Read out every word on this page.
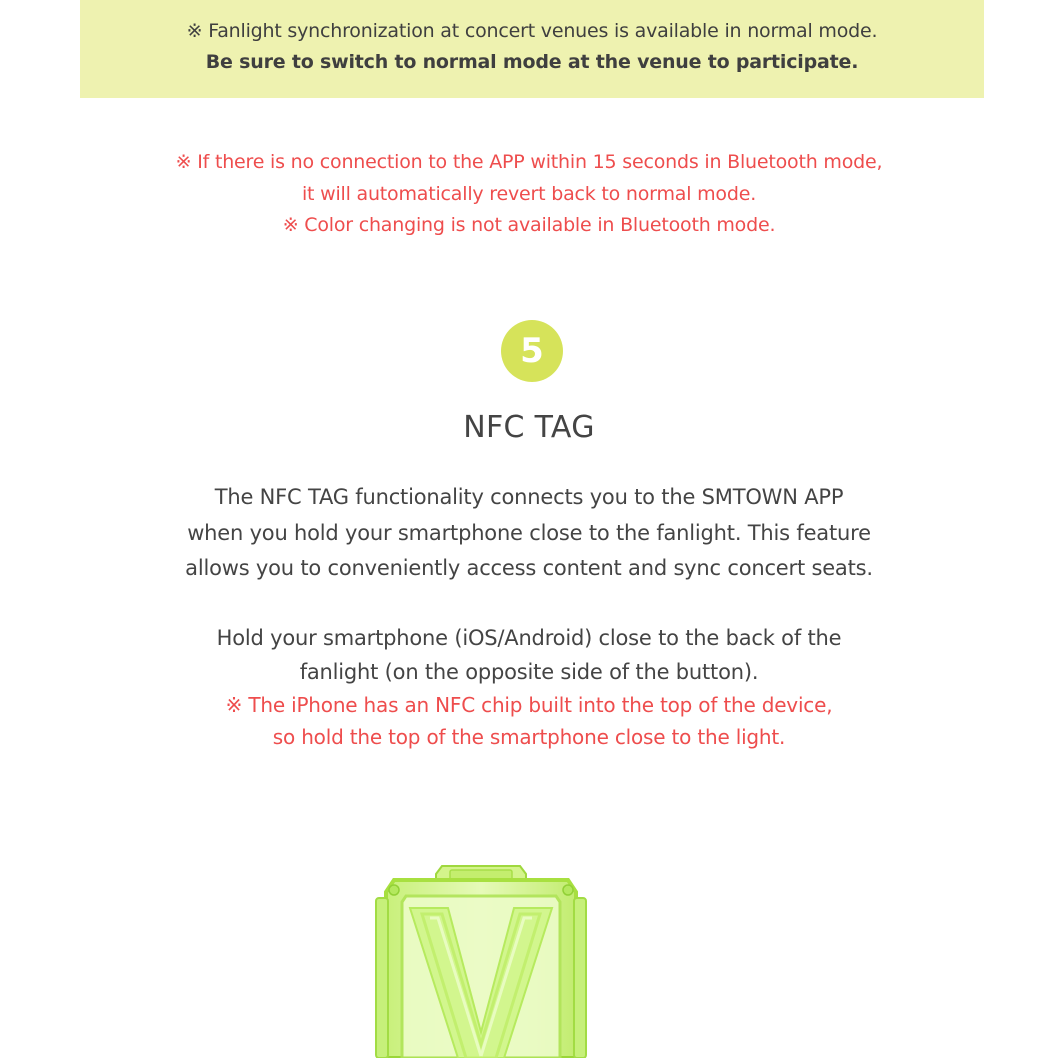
※ Fanlight synchronization at concert venues is available in normal mode.
Be sure to switch to normal mode at the venue to participate.
※ If there is no connection to the APP within 15 seconds in Bluetooth mode,
it will automatically revert back to normal mode.
※ Color changing is not available in Bluetooth mode.
5
NFC TAG
The NFC TAG functionality connects you to the SMTOWN APP
when you hold your smartphone close to the fanlight. This feature
allows you to conveniently access content and sync concert seats.
Hold your smartphone (iOS/Android) close to the back of the
fanlight (on the opposite side of the button).
※ The iPhone has an NFC chip built into the top of the device,
so hold the top of the smartphone close to the light.
